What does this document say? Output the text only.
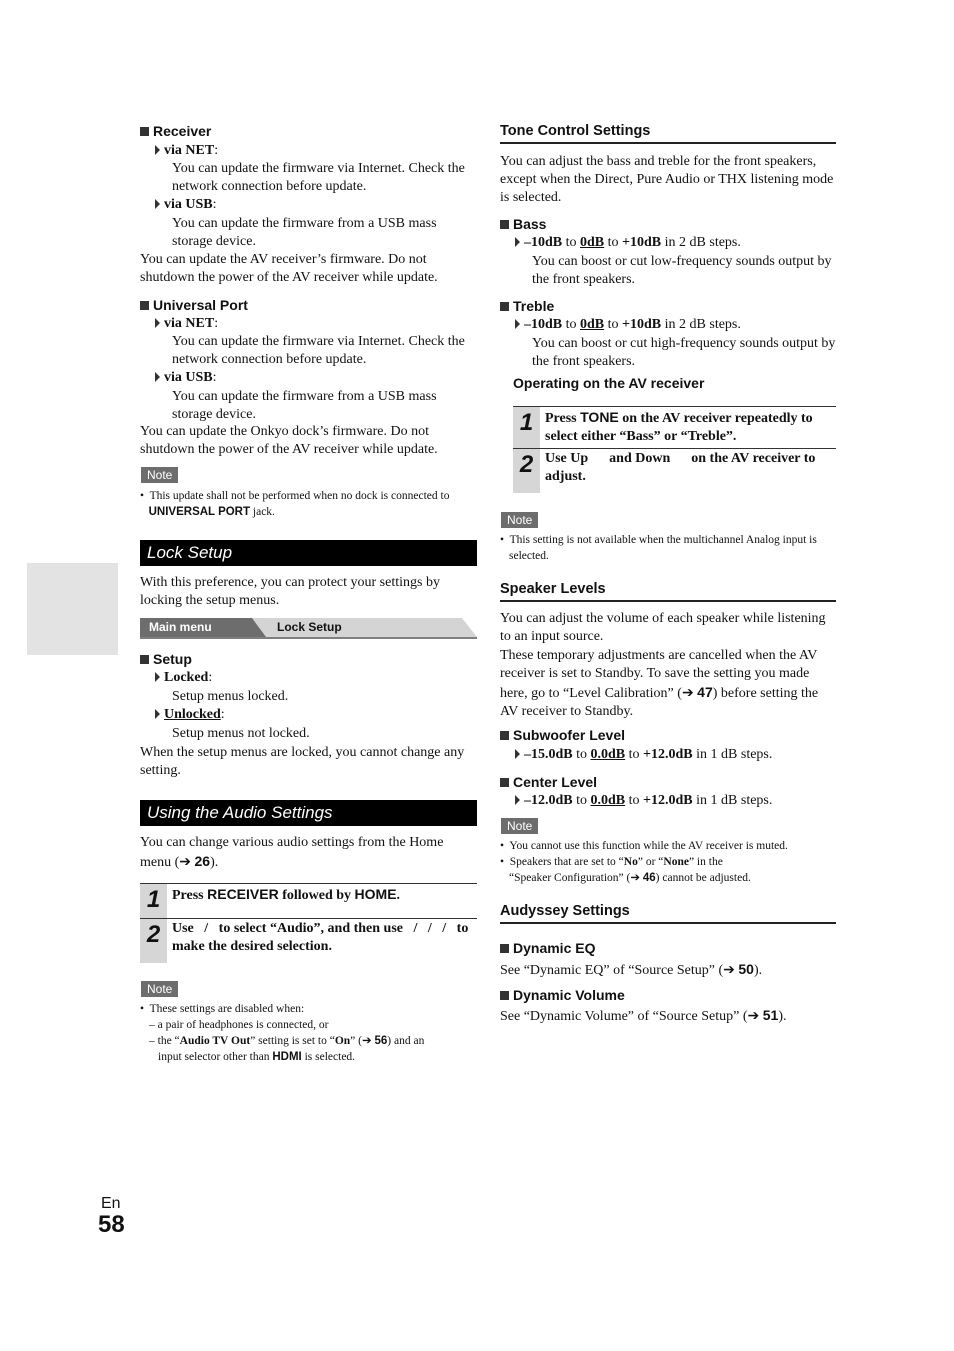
Receiver
via NET:
You can update the firmware via Internet. Check the network connection before update.
via USB:
You can update the firmware from a USB mass storage device.
You can update the AV receiver’s firmware. Do not shutdown the power of the AV receiver while update.
Universal Port
via NET:
You can update the firmware via Internet. Check the network connection before update.
via USB:
You can update the firmware from a USB mass storage device.
You can update the Onkyo dock’s firmware. Do not shutdown the power of the AV receiver while update.
Note
• This update shall not be performed when no dock is connected to
UNIVERSAL PORT jack.
Lock Setup
With this preference, you can protect your settings by locking the setup menus.
Main menu	Lock Setup
Setup
Locked:
Setup menus locked.
Unlocked:
Setup menus not locked.
When the setup menus are locked, you cannot change any setting.
Using the Audio Settings
You can change various audio settings from the Home menu (➔ 26).
1 Press RECEIVER followed by HOME.
2 Use   /   to select “Audio”, and then use   /   /   /   to make the desired selection.
Note
• These settings are disabled when:
– a pair of headphones is connected, or
– the “Audio TV Out” setting is set to “On” (➔ 56) and an
input selector other than HDMI is selected.
En
58
Tone Control Settings
You can adjust the bass and treble for the front speakers, except when the Direct, Pure Audio or THX listening mode is selected.
Bass
–10dB to 0dB to +10dB in 2 dB steps.
You can boost or cut low-frequency sounds output by the front speakers.
Treble
–10dB to 0dB to +10dB in 2 dB steps.
You can boost or cut high-frequency sounds output by the front speakers.
Operating on the AV receiver
1 Press TONE on the AV receiver repeatedly to select either “Bass” or “Treble”.
2 Use Up      and Down      on the AV receiver to adjust.
Note
• This setting is not available when the multichannel Analog input is selected.
Speaker Levels
You can adjust the volume of each speaker while listening to an input source.
These temporary adjustments are cancelled when the AV receiver is set to Standby. To save the setting you made here, go to “Level Calibration” (➔ 47) before setting the AV receiver to Standby.
Subwoofer Level
–15.0dB to 0.0dB to +12.0dB in 1 dB steps.
Center Level
–12.0dB to 0.0dB to +12.0dB in 1 dB steps.
Note
• You cannot use this function while the AV receiver is muted.
• Speakers that are set to “No” or “None” in the
“Speaker Configuration” (➔ 46) cannot be adjusted.
Audyssey Settings
Dynamic EQ
See “Dynamic EQ” of “Source Setup” (➔ 50).
Dynamic Volume
See “Dynamic Volume” of “Source Setup” (➔ 51).
